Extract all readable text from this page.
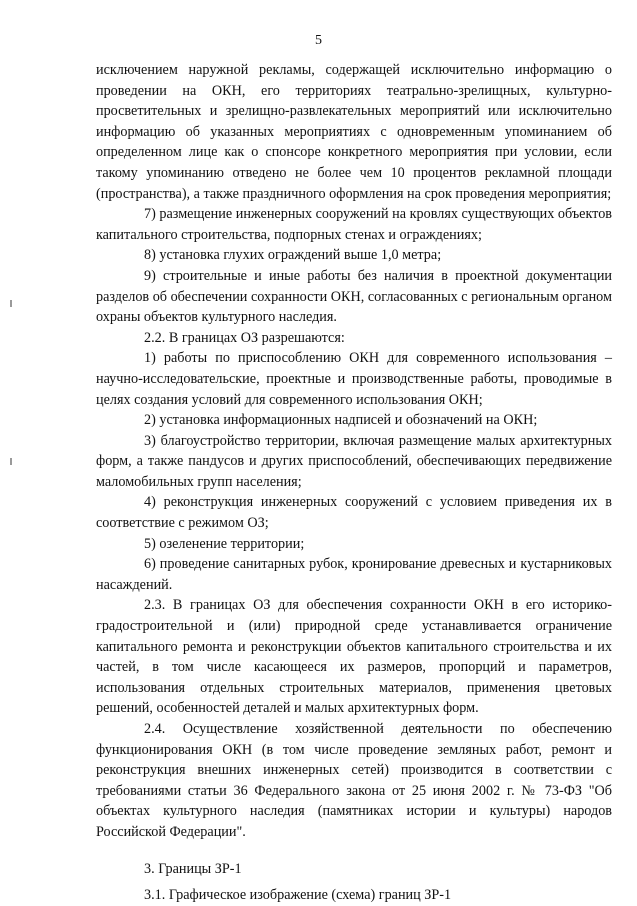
5

исключением наружной рекламы, содержащей исключительно информацию о проведении на ОКН, его территориях театрально-зрелищных, культурно-просветительных и зрелищно-развлекательных мероприятий или исключительно информацию об указанных мероприятиях с одновременным упоминанием об определенном лице как о спонсоре конкретного мероприятия при условии, если такому упоминанию отведено не более чем 10 процентов рекламной площади (пространства), а также праздничного оформления на срок проведения мероприятия;

7) размещение инженерных сооружений на кровлях существующих объектов капитального строительства, подпорных стенах и ограждениях;

8) установка глухих ограждений выше 1,0 метра;

9) строительные и иные работы без наличия в проектной документации разделов об обеспечении сохранности ОКН, согласованных с региональным органом охраны объектов культурного наследия.

2.2. В границах ОЗ разрешаются:

1) работы по приспособлению ОКН для современного использования – научно-исследовательские, проектные и производственные работы, проводимые в целях создания условий для современного использования ОКН;

2) установка информационных надписей и обозначений на ОКН;

3) благоустройство территории, включая размещение малых архитектурных форм, а также пандусов и других приспособлений, обеспечивающих передвижение маломобильных групп населения;

4) реконструкция инженерных сооружений с условием приведения их в соответствие с режимом ОЗ;

5) озеленение территории;

6) проведение санитарных рубок, кронирование древесных и кустарниковых насаждений.

2.3. В границах ОЗ для обеспечения сохранности ОКН в его историко-градостроительной и (или) природной среде устанавливается ограничение капитального ремонта и реконструкции объектов капитального строительства и их частей, в том числе касающееся их размеров, пропорций и параметров, использования отдельных строительных материалов, применения цветовых решений, особенностей деталей и малых архитектурных форм.

2.4. Осуществление хозяйственной деятельности по обеспечению функционирования ОКН (в том числе проведение земляных работ, ремонт и реконструкция внешних инженерных сетей) производится в соответствии с требованиями статьи 36 Федерального закона от 25 июня 2002 г. № 73-ФЗ "Об объектах культурного наследия (памятниках истории и культуры) народов Российской Федерации".

3. Границы ЗР-1

3.1. Графическое изображение (схема) границ ЗР-1
